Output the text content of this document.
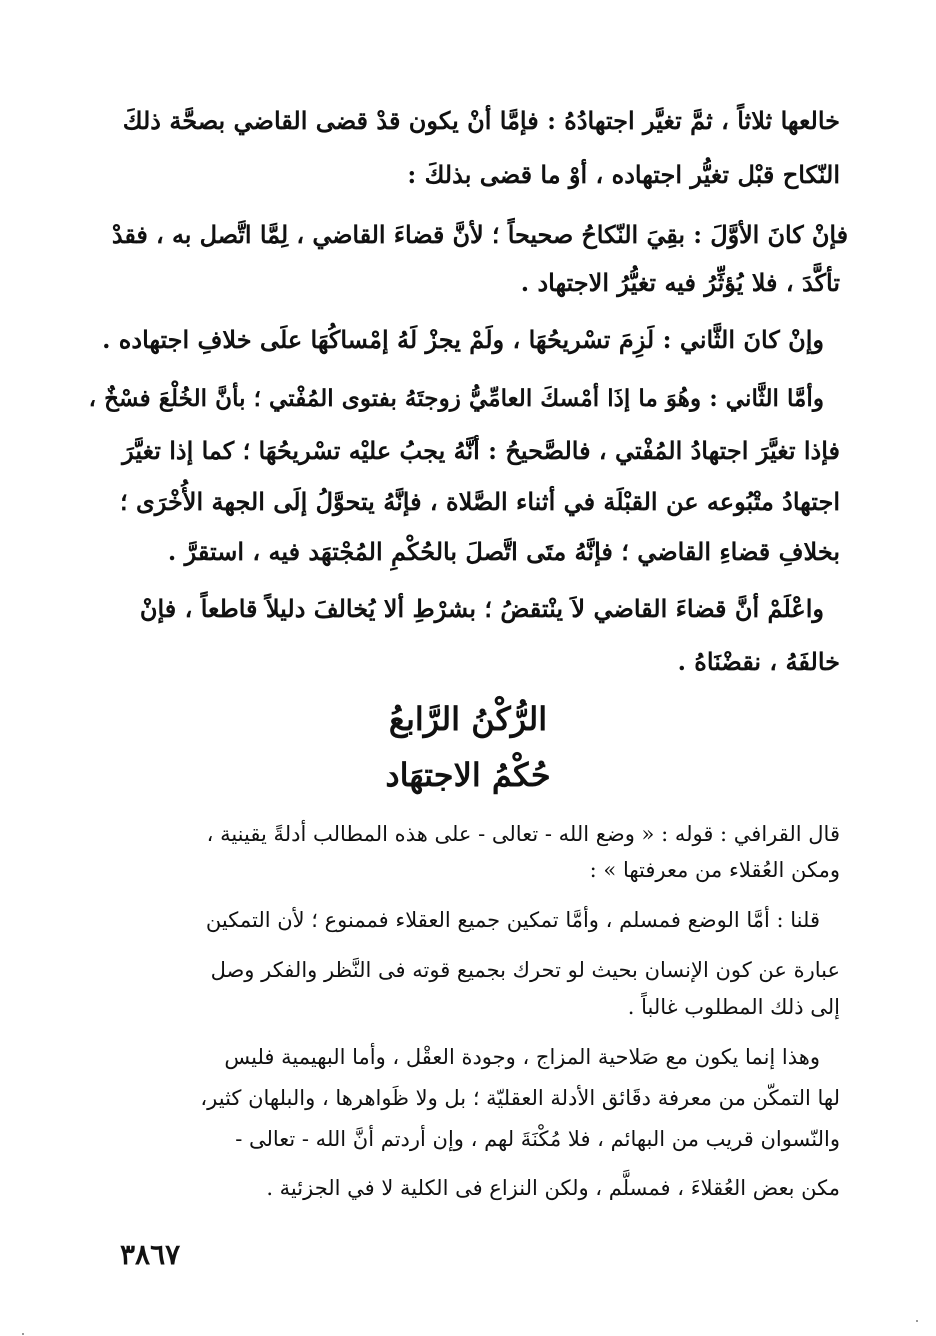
خالعها ثلاثاً ، ثمَّ تغيَّر اجتهادُهُ : فإمَّا أنْ يكون قدْ قضى القاضي بصحَّة ذلكَ
النّكاح قبْل تغيُّر اجتهاده ، أوْ ما قضى بذلكَ :
فإنْ كانَ الأوَّلَ : بقِيَ النّكاحُ صحيحاً ؛ لأنَّ قضاءَ القاضي ، لِمَّا اتَّصل به ، فقدْ
تأكَّدَ ، فلا يُؤثِّرُ فيه تغيُّرُ الاجتهاد .
وإنْ كانَ الثَّاني : لَزِمَ تسْريحُهَا ، ولَمْ يجزْ لَهُ إمْساكُهَا علَى خلافِ اجتهاده .
وأمَّا الثَّاني : وهُوَ ما إذَا أمْسكَ العامِّيُّ زوجتَهُ بفتوى المُفْتي ؛ بأنَّ الخُلْعَ فسْخٌ ،
فإذا تغيَّرَ اجتهادُ المُفْتي ، فالصَّحيحُ : أنَّهُ يجبُ عليْه تسْريحُهَا ؛ كما إذا تغيَّرَ
اجتهادُ متْبُوعه عن القبْلَة في أثناء الصَّلاة ، فإنَّهُ يتحوَّلُ إلَى الجهة الأُخْرَى ؛
بخلافِ قضاءِ القاضي ؛ فإنَّهُ متَى اتَّصلَ بالحُكْمِ المُجْتهَد فيه ، استقرَّ .
واعْلَمْ أنَّ قضاءَ القاضي لاَ ينْتقضُ ؛ بشرْطِ ألا يُخالفَ دليلاً قاطعاً ، فإنْ
خالفَهُ ، نقضْنَاهُ .
الرُّكْنُ الرَّابعُ
حُكْمُ الاجتهَاد
قال القرافي : قوله : « وضع الله - تعالى - على هذه المطالب أدلةً يقينية ،
ومكن العُقلاء من معرفتها » :
قلنا : أمَّا الوضع فمسلم ، وأمَّا تمكين جميع العقلاء فممنوع ؛ لأن التمكين
عبارة عن كون الإنسان بحيث لو تحرك بجميع قوته فى النَّظر والفكر وصل
إلى ذلك المطلوب غالباً .
وهذا إنما يكون مع صَلاحية المزاج ، وجودة العقْل ، وأما البهيمية فليس
لها التمكّن من معرفة دقَائق الأدلة العقليّة ؛ بل ولا ظَواهرها ، والبلهان كثير،
والنّسوان قريب من البهائم ، فلا مُكْنَةَ لهم ، وإن أردتم أنَّ الله - تعالى -
مكن بعض العُقلاءَ ، فمسلَّم ، ولكن النزاع فى الكلية لا في الجزئية .
٣٨٦٧
